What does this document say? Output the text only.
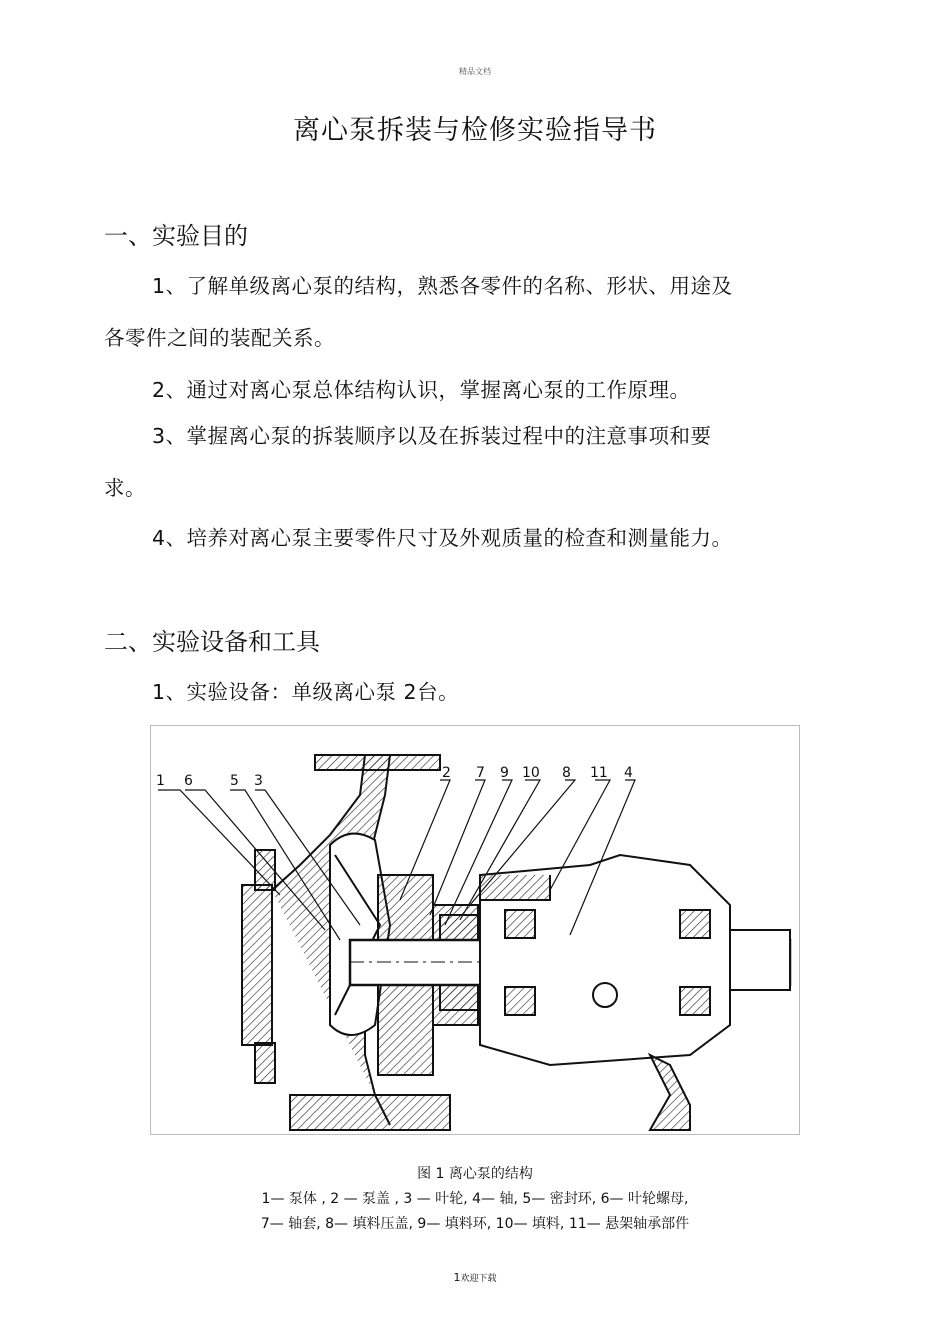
精品文档
离心泵拆装与检修实验指导书
一、实验目的
1、了解单级离心泵的结构，熟悉各零件的名称、形状、用途及
各零件之间的装配关系。
2、通过对离心泵总体结构认识，掌握离心泵的工作原理。
3、掌握离心泵的拆装顺序以及在拆装过程中的注意事项和要
求。
4、培养对离心泵主要零件尺寸及外观质量的检查和测量能力。
二、实验设备和工具
1、实验设备：单级离心泵 2台。
1 6	5 3	2 7 9 10 8 11 4
图 1 离心泵的结构
1— 泵体 , 2 — 泵盖 , 3 — 叶轮, 4— 轴, 5— 密封环, 6— 叶轮螺母,
7— 轴套, 8— 填料压盖, 9— 填料环, 10— 填料, 11— 悬架轴承部件
1欢迎下载
